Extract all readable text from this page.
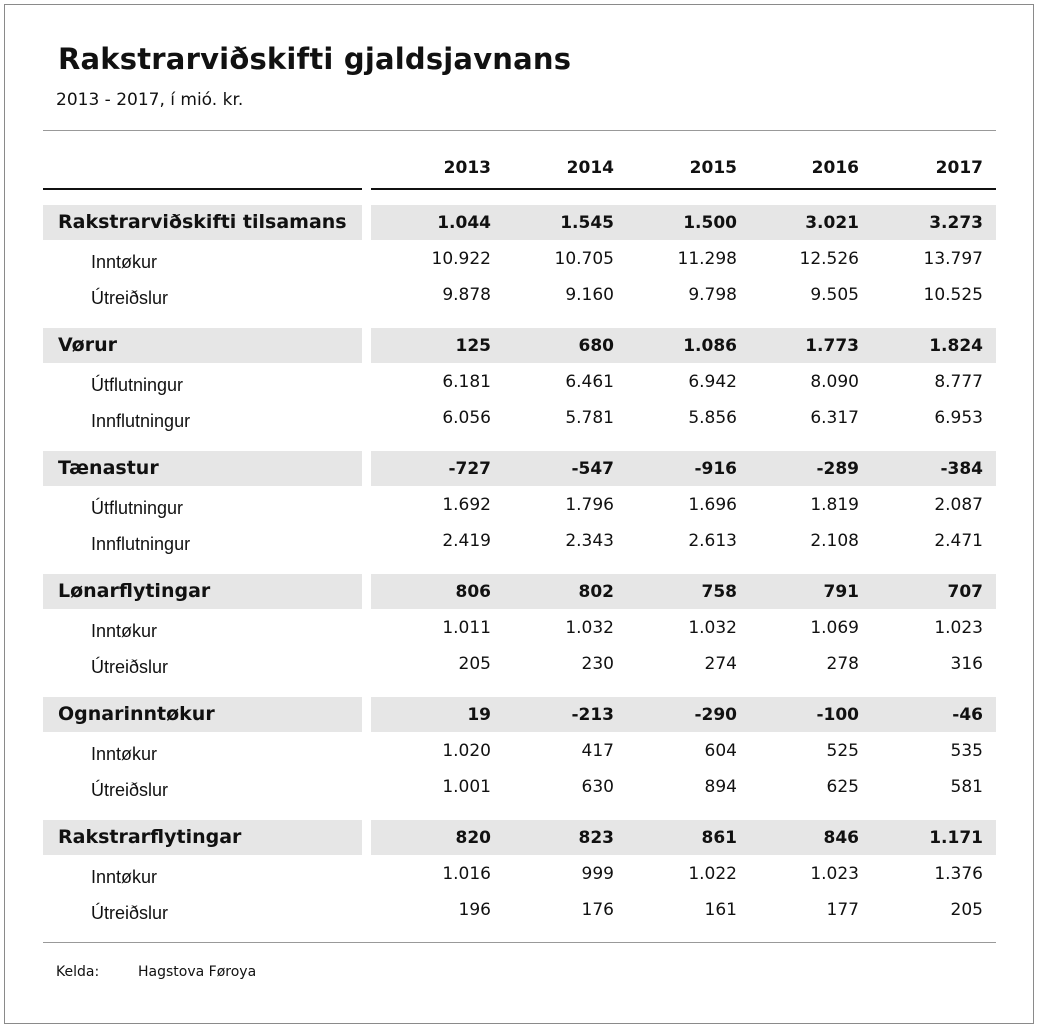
Rakstrarviðskifti gjaldsjavnans
2013 - 2017, í mió. kr.
2013	2014	2015	2016	2017
Rakstrarviðskifti tilsamans	1.044	1.545	1.500	3.021	3.273
Inntøkur	10.922	10.705	11.298	12.526	13.797
Útreiðslur	9.878	9.160	9.798	9.505	10.525
Vørur	125	680	1.086	1.773	1.824
Útflutningur	6.181	6.461	6.942	8.090	8.777
Innflutningur	6.056	5.781	5.856	6.317	6.953
Tænastur	-727	-547	-916	-289	-384
Útflutningur	1.692	1.796	1.696	1.819	2.087
Innflutningur	2.419	2.343	2.613	2.108	2.471
Lønarflytingar	806	802	758	791	707
Inntøkur	1.011	1.032	1.032	1.069	1.023
Útreiðslur	205	230	274	278	316
Ognarinntøkur	19	-213	-290	-100	-46
Inntøkur	1.020	417	604	525	535
Útreiðslur	1.001	630	894	625	581
Rakstrarflytingar	820	823	861	846	1.171
Inntøkur	1.016	999	1.022	1.023	1.376
Útreiðslur	196	176	161	177	205
Kelda:	Hagstova Føroya
